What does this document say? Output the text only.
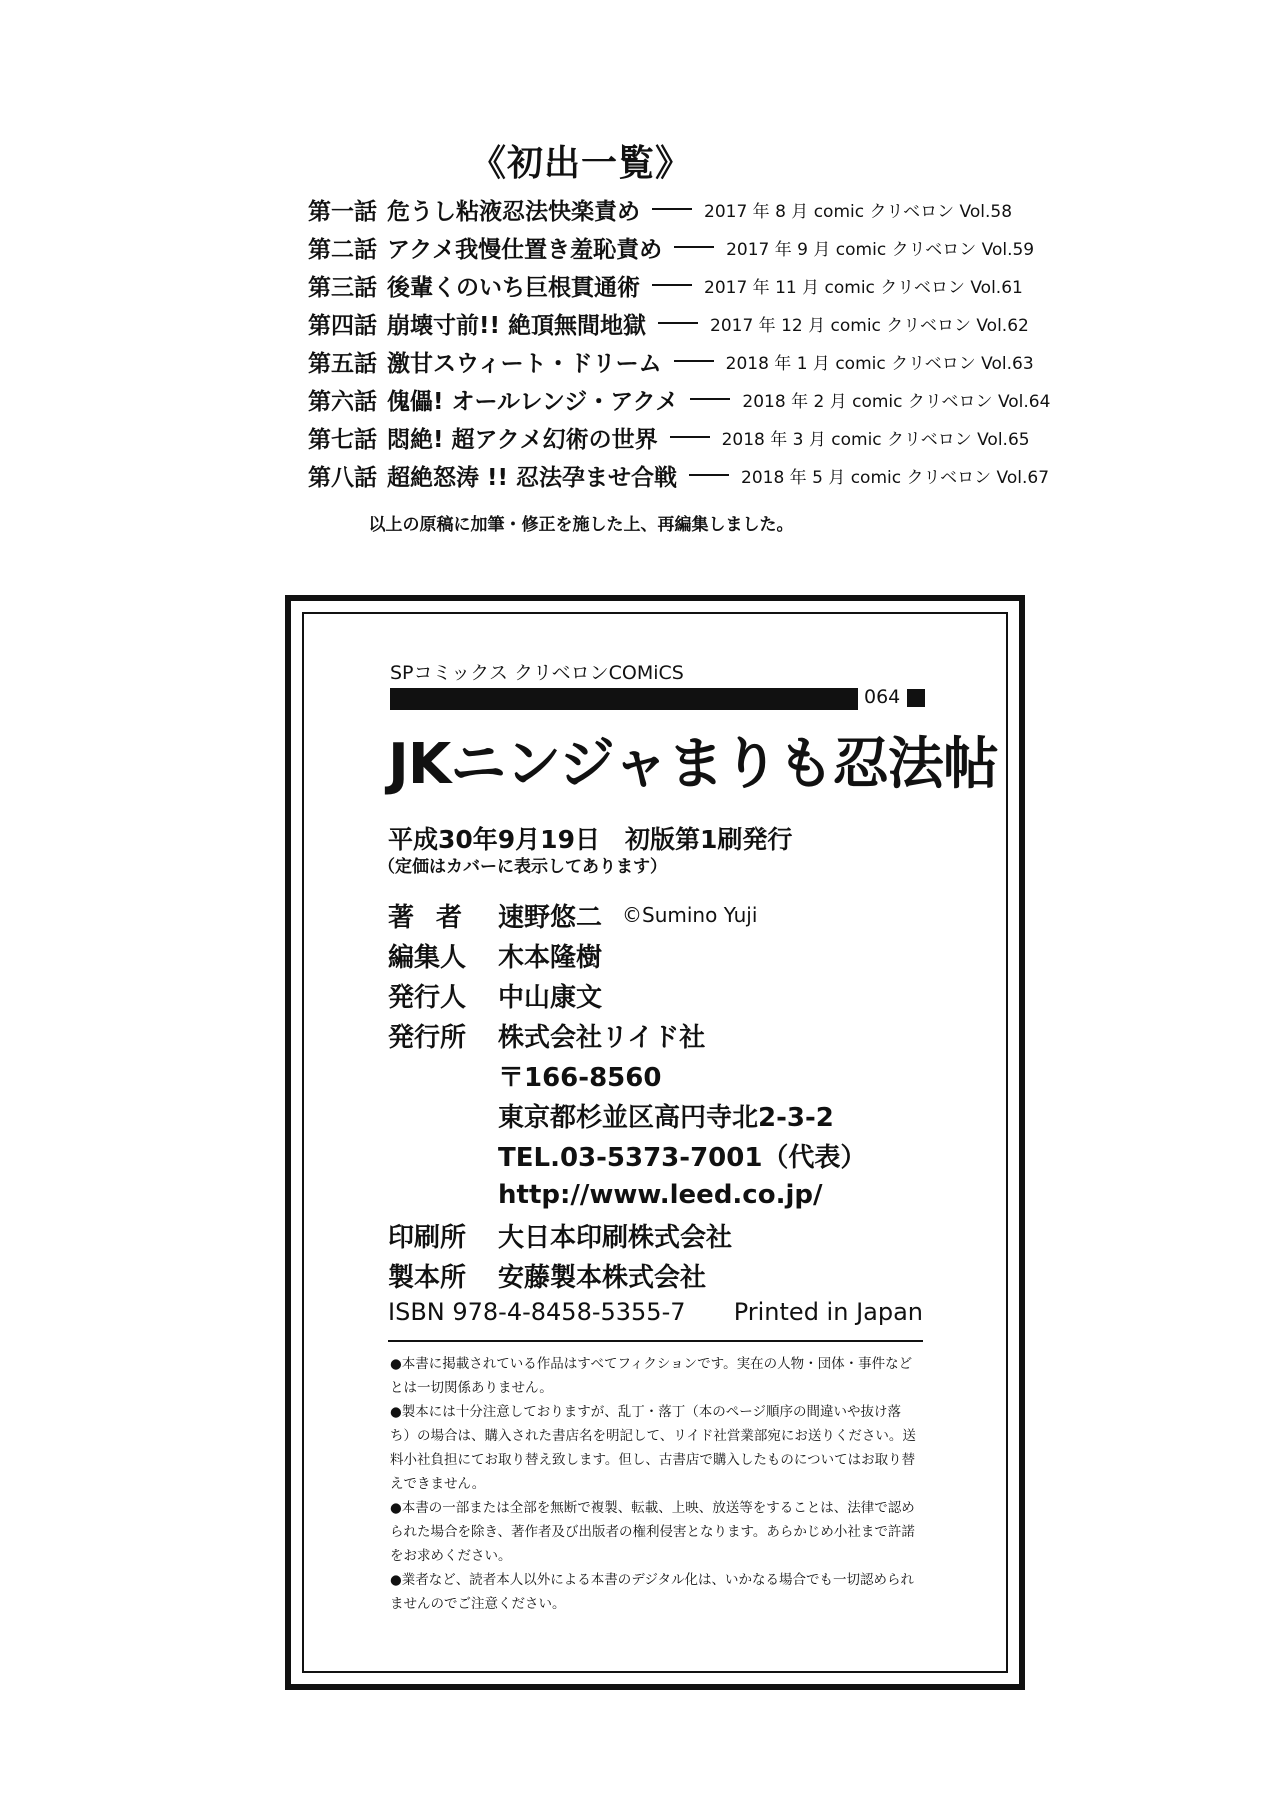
《初出一覧》
第一話 危うし粘液忍法快楽責め	2017 年 8 月 comic クリベロン Vol.58
第二話 アクメ我慢仕置き羞恥責め	2017 年 9 月 comic クリベロン Vol.59
第三話 後輩くのいち巨根貫通術	2017 年 11 月 comic クリベロン Vol.61
第四話 崩壊寸前!! 絶頂無間地獄	2017 年 12 月 comic クリベロン Vol.62
第五話 激甘スウィート・ドリーム	2018 年 1 月 comic クリベロン Vol.63
第六話 傀儡! オールレンジ・アクメ	2018 年 2 月 comic クリベロン Vol.64
第七話 悶絶! 超アクメ幻術の世界	2018 年 3 月 comic クリベロン Vol.65
第八話 超絶怒涛 !! 忍法孕ませ合戦	2018 年 5 月 comic クリベロン Vol.67
以上の原稿に加筆・修正を施した上、再編集しました。
SPコミックス クリベロンCOMiCS
064
JKニンジャまりも忍法帖
平成30年9月19日　初版第1刷発行
（定価はカバーに表示してあります）
著者 速野悠二 ©Sumino Yuji
編集人	木本隆樹
発行人	中山康文
発行所	株式会社リイド社
〒166-8560
東京都杉並区高円寺北2-3-2
TEL.03-5373-7001（代表）
http://www.leed.co.jp/
印刷所	大日本印刷株式会社
製本所	安藤製本株式会社
ISBN 978-4-8458-5355-7 Printed in Japan

●本書に掲載されている作品はすべてフィクションです。実在の人物・団体・事件などとは一切関係ありません。

●製本には十分注意しておりますが、乱丁・落丁（本のページ順序の間違いや抜け落ち）の場合は、購入された書店名を明記して、リイド社営業部宛にお送りください。送料小社負担にてお取り替え致します。但し、古書店で購入したものについてはお取り替えできません。

●本書の一部または全部を無断で複製、転載、上映、放送等をすることは、法律で認められた場合を除き、著作者及び出版者の権利侵害となります。あらかじめ小社まで許諾をお求めください。

●業者など、読者本人以外による本書のデジタル化は、いかなる場合でも一切認められませんのでご注意ください。
